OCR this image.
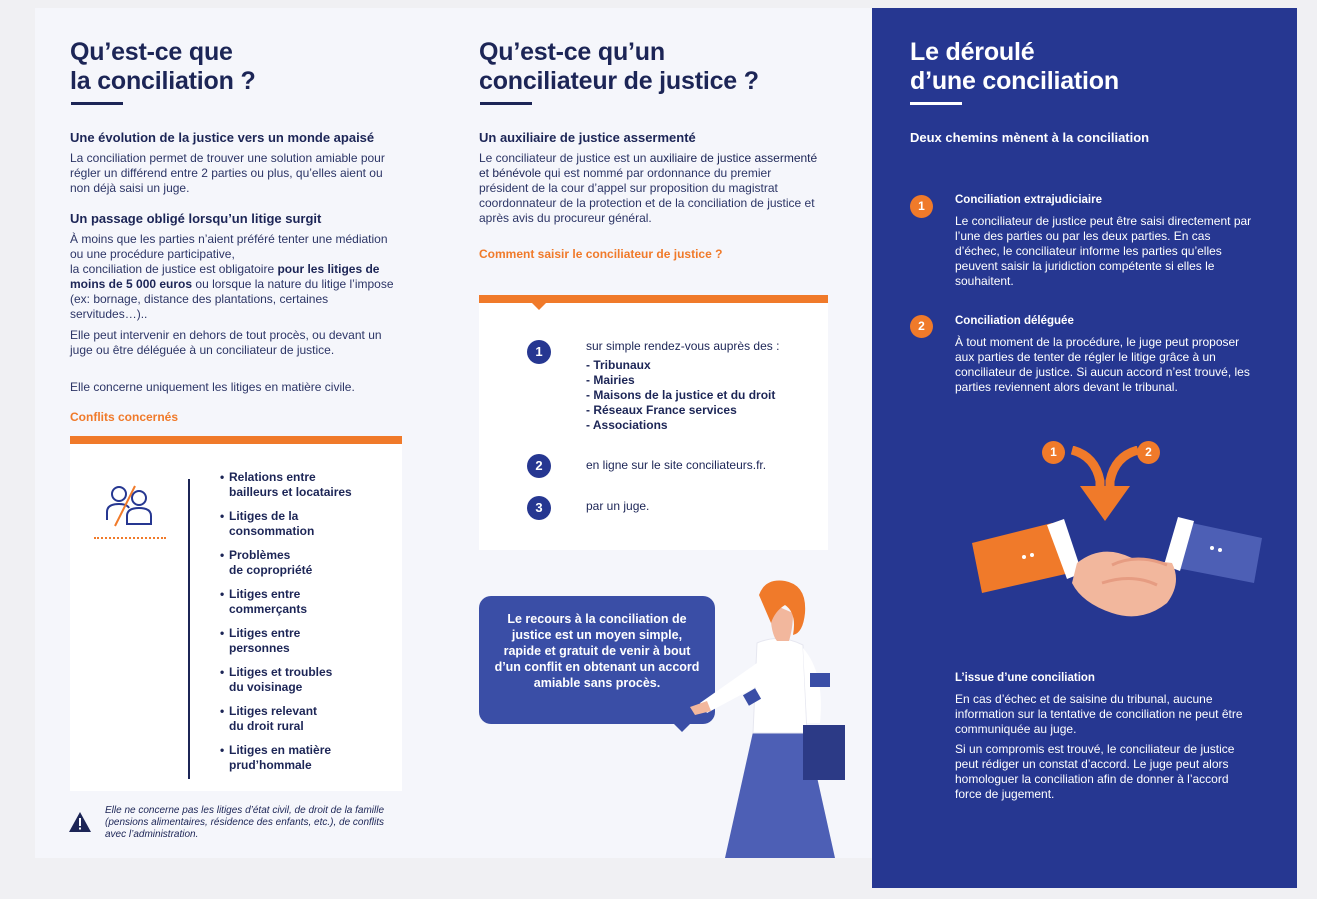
Qu’est-ce que
la conciliation ?
Une évolution de la justice vers un monde apaisé
La conciliation permet de trouver une solution amiable pour régler un différend entre 2 parties ou plus, qu’elles aient ou non déjà saisi un juge.
Un passage obligé lorsqu’un litige surgit
À moins que les parties n’aient préféré tenter une médiation ou une procédure participative,
la conciliation de justice est obligatoire pour les litiges de moins de 5 000 euros ou lorsque la nature du litige l’impose (ex: bornage, distance des plantations, certaines servitudes…)..
Elle peut intervenir en dehors de tout procès, ou devant un juge ou être déléguée à un conciliateur de justice.
Elle concerne uniquement les litiges en matière civile.
Conflits concernés
• Relations entre
bailleurs et locataires
• Litiges de la
consommation
• Problèmes
de copropriété
• Litiges entre
commerçants
• Litiges entre
personnes
• Litiges et troubles
du voisinage
• Litiges relevant
du droit rural
• Litiges en matière
prud’hommale
Elle ne concerne pas les litiges d’état civil, de droit de la famille (pensions alimentaires, résidence des enfants, etc.), de conflits avec l’administration.
Qu’est-ce qu’un
conciliateur de justice ?
Un auxiliaire de justice assermenté
Le conciliateur de justice est un auxiliaire de justice assermenté et bénévole qui est nommé par ordonnance du premier président de la cour d’appel sur proposition du magistrat coordonnateur de la protection et de la conciliation de justice et après avis du procureur général.
Comment saisir le conciliateur de justice ?
1	sur simple rendez-vous auprès des :
- Tribunaux
- Mairies
- Maisons de la justice et du droit
- Réseaux France services
- Associations
2	en ligne sur le site conciliateurs.fr.
3	par un juge.
Le recours à la conciliation de justice est un moyen simple, rapide et gratuit de venir à bout d’un conflit en obtenant un accord amiable sans procès.
Le déroulé
d’une conciliation
Deux chemins mènent à la conciliation
1	Conciliation extrajudiciaire
Le conciliateur de justice peut être saisi directement par l’une des parties ou par les deux parties. En cas d’échec, le conciliateur informe les parties qu’elles peuvent saisir la juridiction compétente si elles le souhaitent.
2	Conciliation déléguée
À tout moment de la procédure, le juge peut proposer aux parties de tenter de régler le litige grâce à un conciliateur de justice. Si aucun accord n’est trouvé, les parties reviennent alors devant le tribunal.
1	2
L’issue d’une conciliation
En cas d’échec et de saisine du tribunal, aucune information sur la tentative de conciliation ne peut être communiquée au juge.
Si un compromis est trouvé, le conciliateur de justice peut rédiger un constat d’accord. Le juge peut alors homologuer la conciliation afin de donner à l’accord force de jugement.
